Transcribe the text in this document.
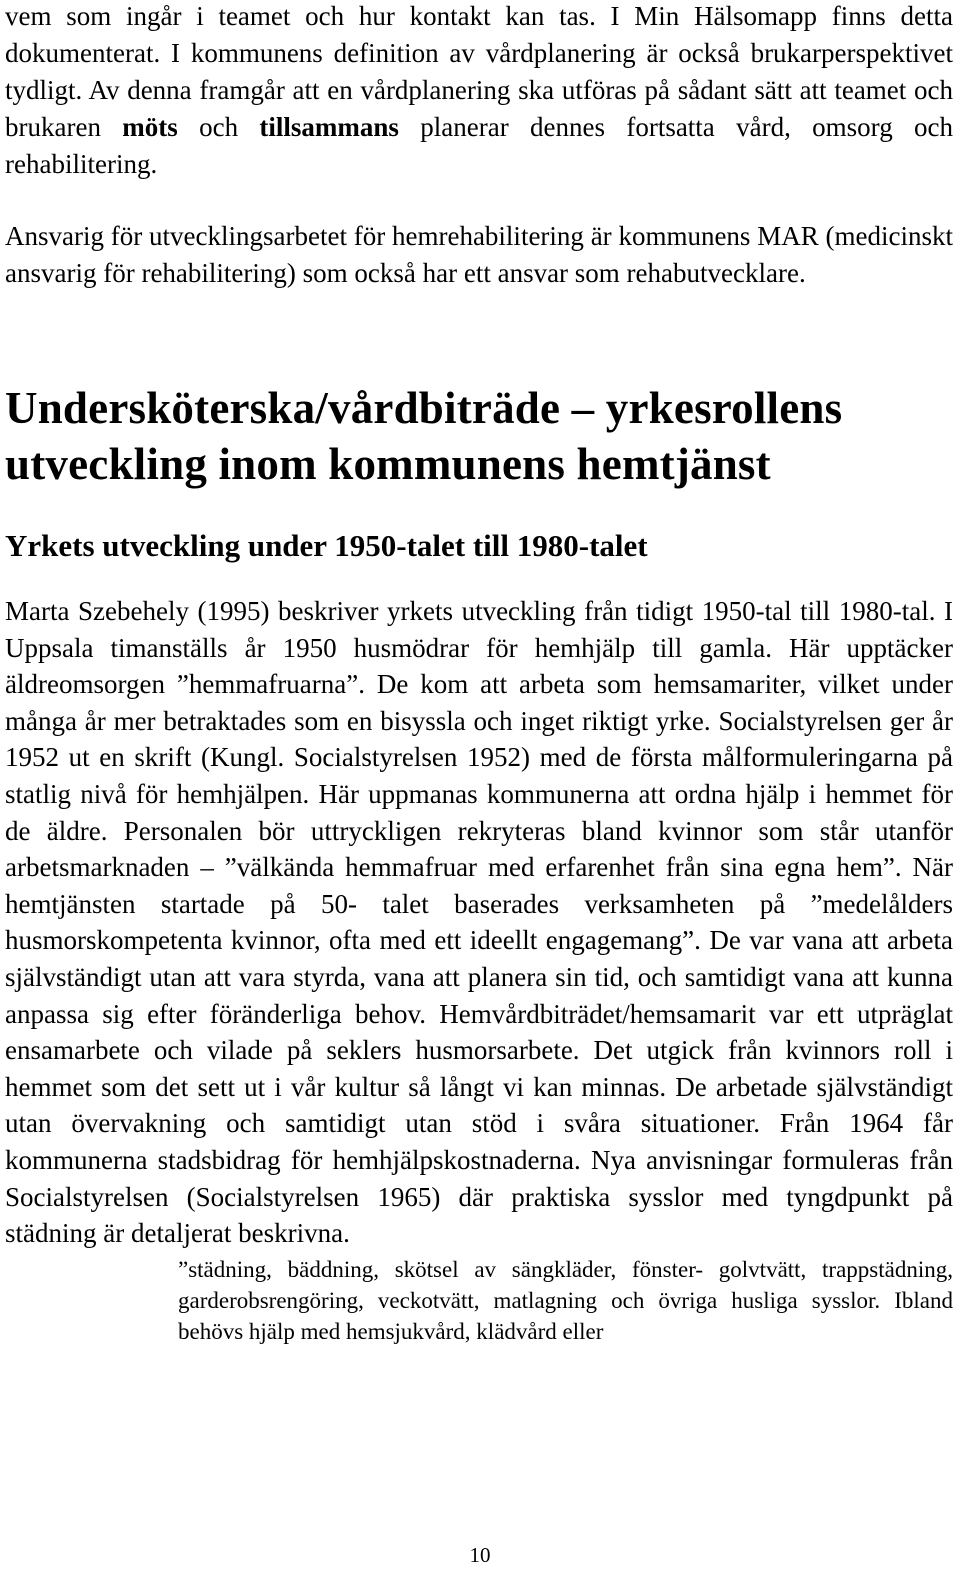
vem som ingår i teamet och hur kontakt kan tas. I Min Hälsomapp finns detta dokumenterat. I kommunens definition av vårdplanering är också brukarperspektivet tydligt. Av denna framgår att en vårdplanering ska utföras på sådant sätt att teamet och brukaren möts och tillsammans planerar dennes fortsatta vård, omsorg och rehabilitering.

Ansvarig för utvecklingsarbetet för hemrehabilitering är kommunens MAR (medicinskt ansvarig för rehabilitering) som också har ett ansvar som rehabutvecklare.

Undersköterska/vårdbiträde – yrkesrollens
utveckling inom kommunens hemtjänst
Yrkets utveckling under 1950-talet till 1980-talet

Marta Szebehely (1995) beskriver yrkets utveckling från tidigt 1950-tal till 1980-tal. I Uppsala timanställs år 1950 husmödrar för hemhjälp till gamla. Här upptäcker äldreomsorgen ”hemmafruarna”. De kom att arbeta som hemsamariter, vilket under många år mer betraktades som en bisyssla och inget riktigt yrke. Socialstyrelsen ger år 1952 ut en skrift (Kungl. Socialstyrelsen 1952) med de första målformuleringarna på statlig nivå för hemhjälpen. Här uppmanas kommunerna att ordna hjälp i hemmet för de äldre. Personalen bör uttryckligen rekryteras bland kvinnor som står utanför arbetsmarknaden – ”välkända hemmafruar med erfarenhet från sina egna hem”. När hemtjänsten startade på 50- talet baserades verksamheten på ”medelålders husmorskompetenta kvinnor, ofta med ett ideellt engagemang”. De var vana att arbeta självständigt utan att vara styrda, vana att planera sin tid, och samtidigt vana att kunna anpassa sig efter föränderliga behov. Hemvårdbiträdet/hemsamarit var ett utpräglat ensamarbete och vilade på seklers husmorsarbete. Det utgick från kvinnors roll i hemmet som det sett ut i vår kultur så långt vi kan minnas. De arbetade självständigt utan övervakning och samtidigt utan stöd i svåra situationer. Från 1964 får kommunerna stadsbidrag för hemhjälpskostnaderna. Nya anvisningar formuleras från Socialstyrelsen (Socialstyrelsen 1965) där praktiska sysslor med tyngdpunkt på städning är detaljerat beskrivna.

”städning, bäddning, skötsel av sängkläder, fönster- golvtvätt, trappstädning, garderobsrengöring, veckotvätt, matlagning och övriga husliga sysslor. Ibland behövs hjälp med hemsjukvård, klädvård eller

10
